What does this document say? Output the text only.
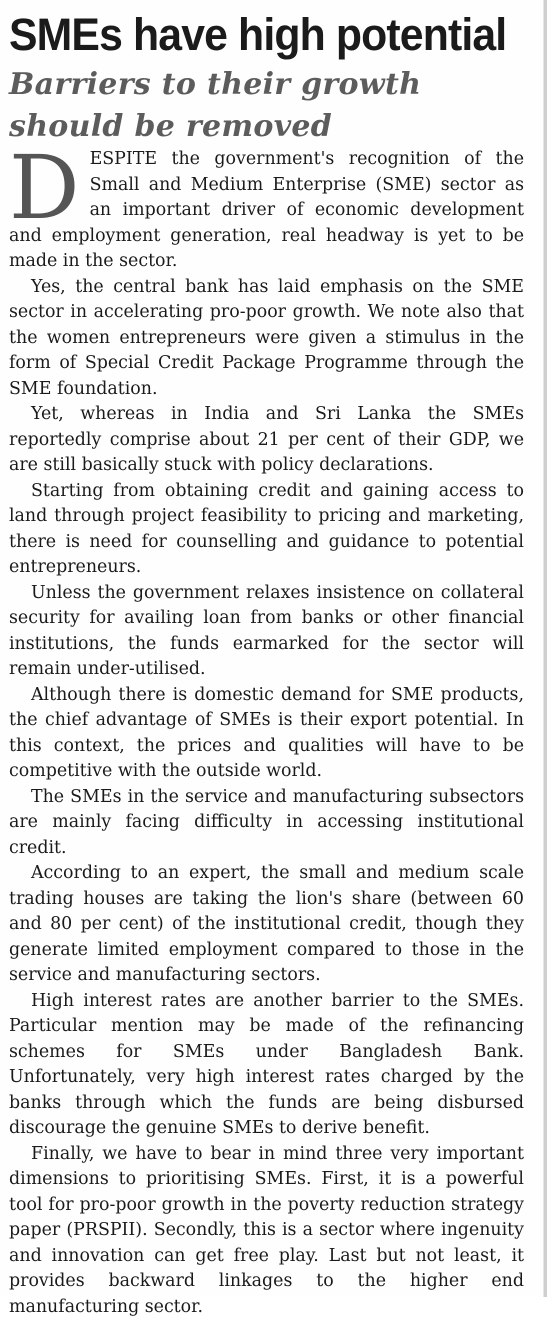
SMEs have high potential
Barriers to their growth should be removed

DESPITE the government's recognition of the Small and Medium Enterprise (SME) sector as an important driver of economic development and employment generation, real headway is yet to be made in the sector.

Yes, the central bank has laid emphasis on the SME sector in accelerating pro-poor growth. We note also that the women entrepreneurs were given a stimulus in the form of Special Credit Package Programme through the SME foundation.

Yet, whereas in India and Sri Lanka the SMEs reportedly comprise about 21 per cent of their GDP, we are still basically stuck with policy declarations.

Starting from obtaining credit and gaining access to land through project feasibility to pricing and marketing, there is need for counselling and guidance to potential entrepreneurs.

Unless the government relaxes insistence on collateral security for availing loan from banks or other financial institutions, the funds earmarked for the sector will remain under-utilised.

Although there is domestic demand for SME products, the chief advantage of SMEs is their export potential. In this context, the prices and qualities will have to be competitive with the outside world.

The SMEs in the service and manufacturing subsectors are mainly facing difficulty in accessing institutional credit.

According to an expert, the small and medium scale trading houses are taking the lion's share (between 60 and 80 per cent) of the institutional credit, though they generate limited employment compared to those in the service and manufacturing sectors.

High interest rates are another barrier to the SMEs. Particular mention may be made of the refinancing schemes for SMEs under Bangladesh Bank. Unfortunately, very high interest rates charged by the banks through which the funds are being disbursed discourage the genuine SMEs to derive benefit.

Finally, we have to bear in mind three very important dimensions to prioritising SMEs. First, it is a powerful tool for pro-poor growth in the poverty reduction strategy paper (PRSPII). Secondly, this is a sector where ingenuity and innovation can get free play. Last but not least, it provides backward linkages to the higher end manufacturing sector.
